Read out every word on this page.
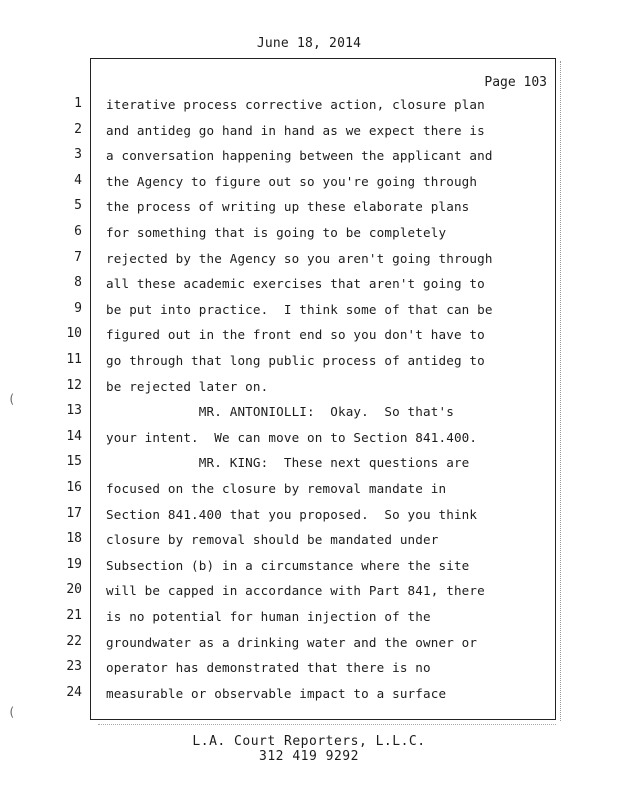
June 18, 2014
Page 103
1 iterative process corrective action, closure plan
2 and antideg go hand in hand as we expect there is
3 a conversation happening between the applicant and
4 the Agency to figure out so you're going through
5 the process of writing up these elaborate plans
6 for something that is going to be completely
7 rejected by the Agency so you aren't going through
8 all these academic exercises that aren't going to
9 be put into practice.  I think some of that can be
10 figured out in the front end so you don't have to
11 go through that long public process of antideg to
12 be rejected later on.
13 MR. ANTONIOLLI:  Okay.  So that's
14 your intent.  We can move on to Section 841.400.
15 MR. KING:  These next questions are
16 focused on the closure by removal mandate in
17 Section 841.400 that you proposed.  So you think
18 closure by removal should be mandated under
19 Subsection (b) in a circumstance where the site
20 will be capped in accordance with Part 841, there
21 is no potential for human injection of the
22 groundwater as a drinking water and the owner or
23 operator has demonstrated that there is no
24 measurable or observable impact to a surface
L.A. Court Reporters, L.L.C.
312 419 9292
(
(
